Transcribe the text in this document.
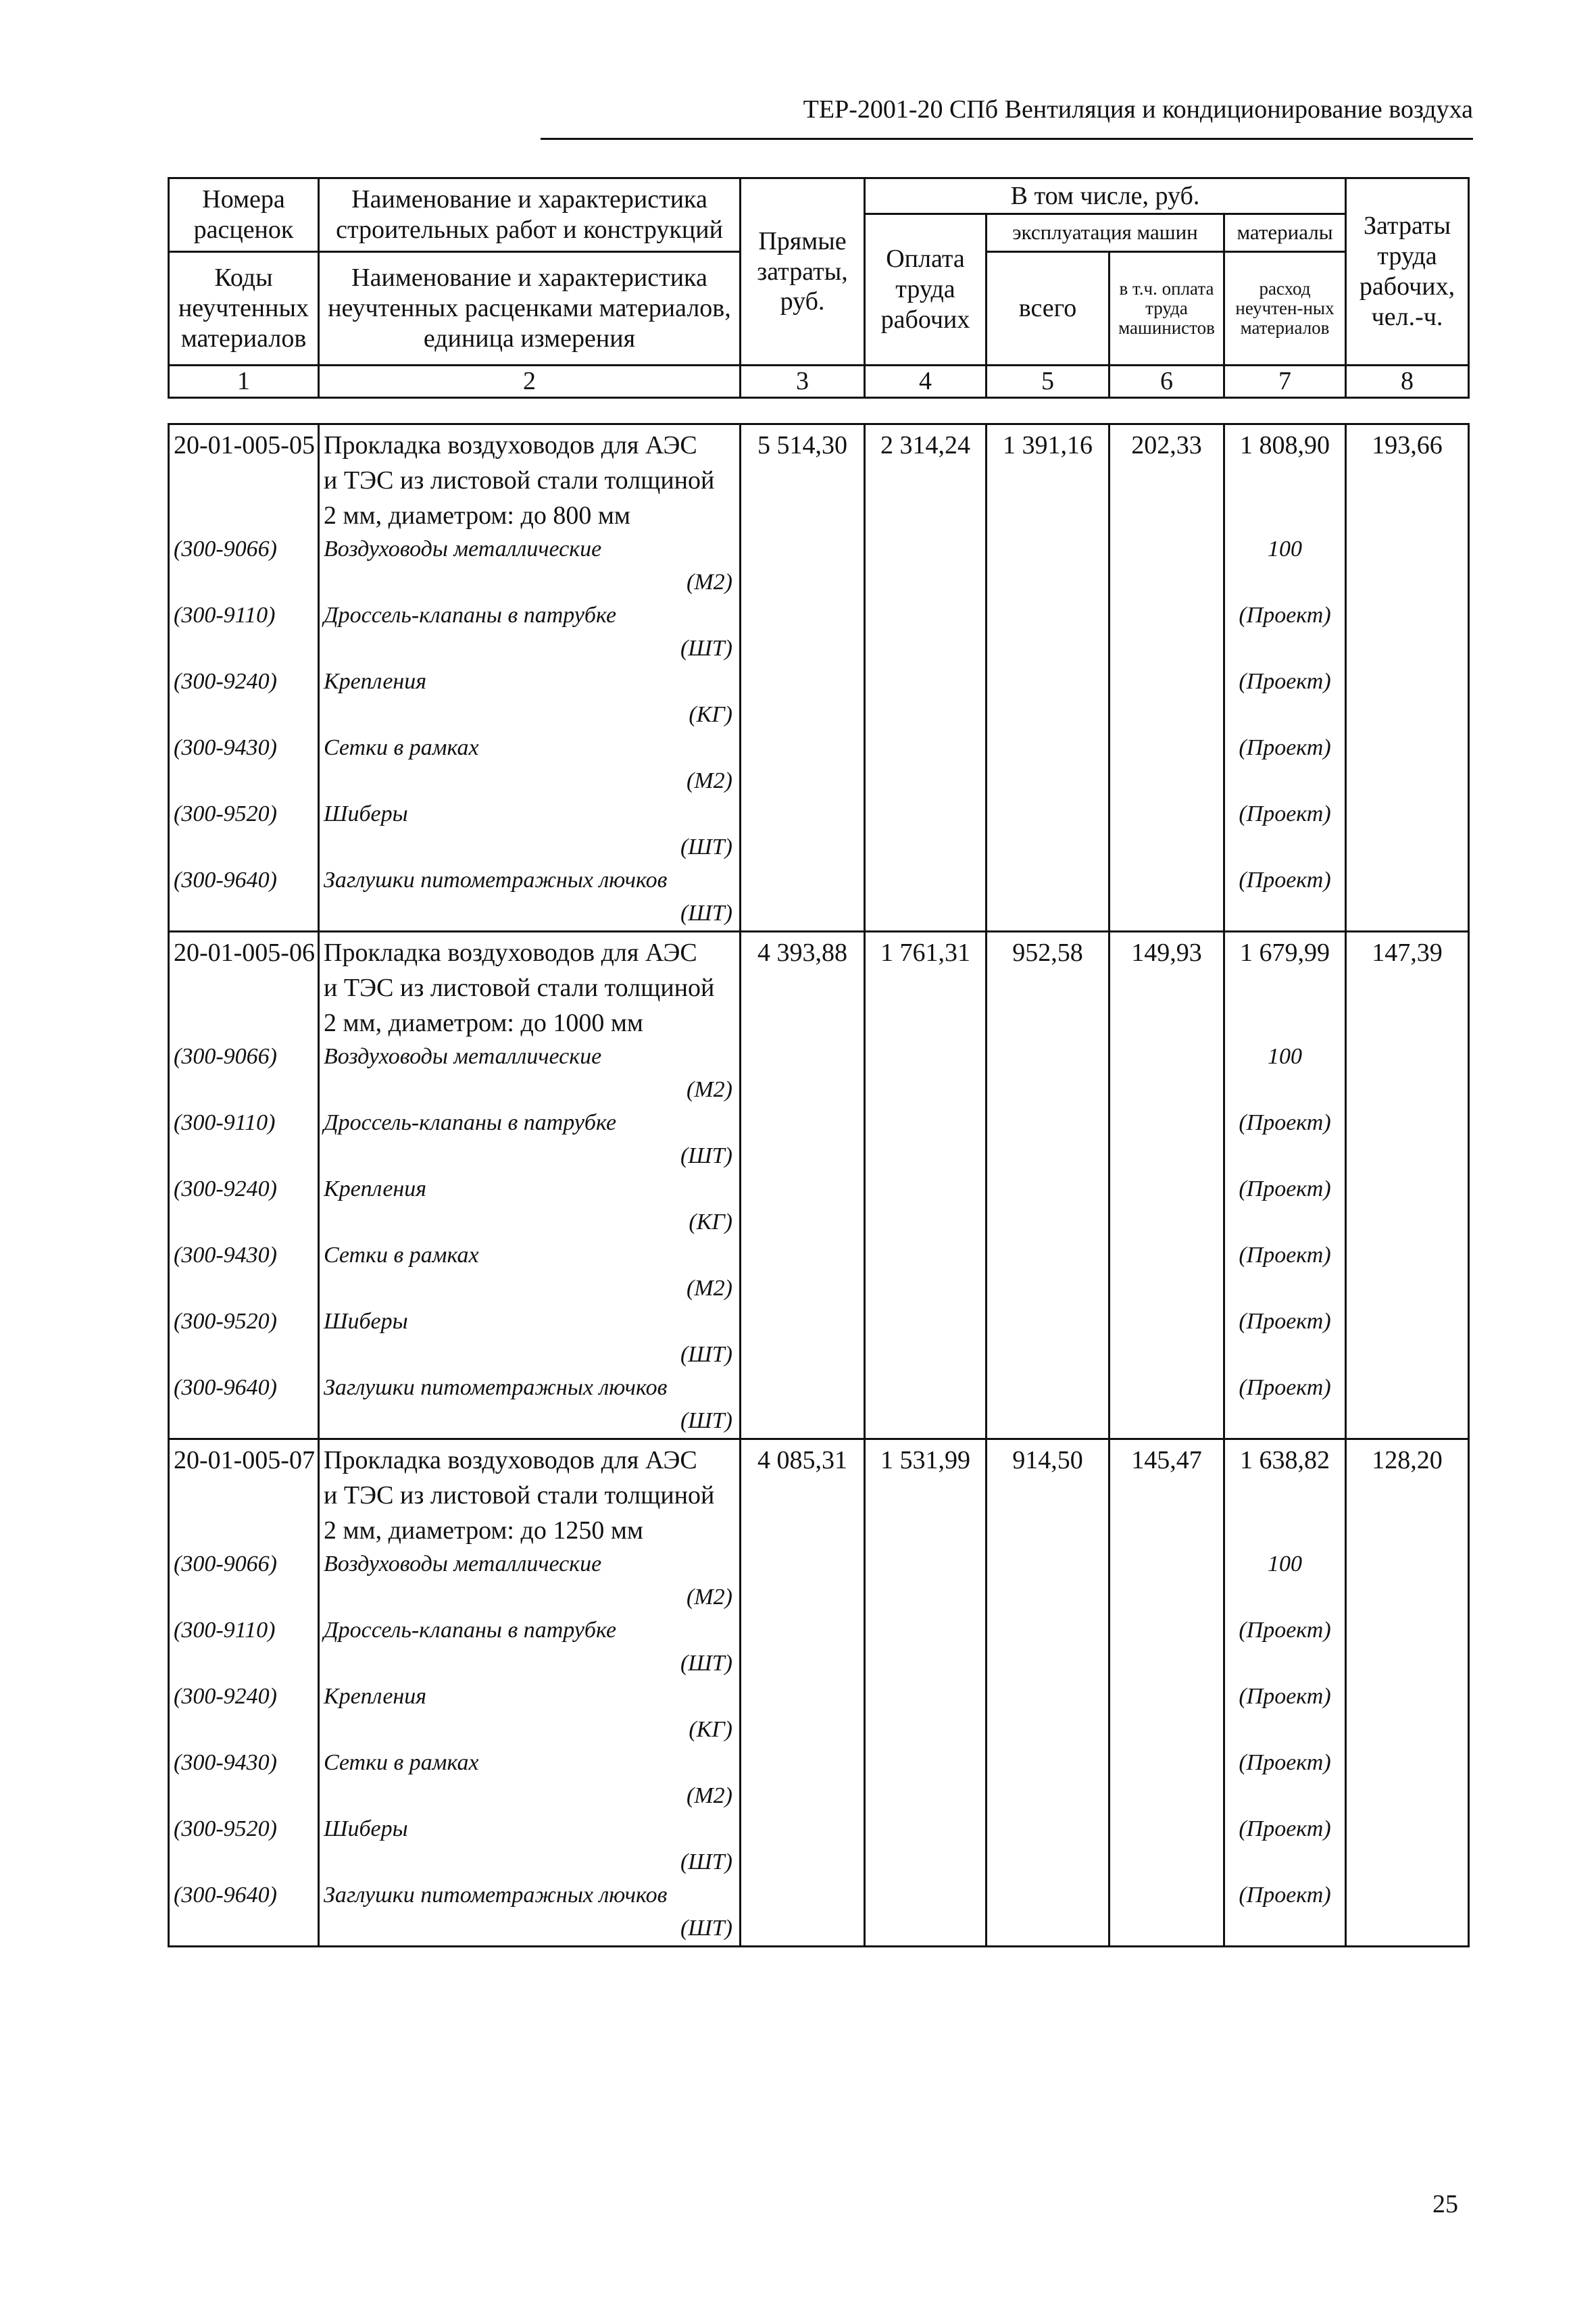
ТЕР-2001-20 СПб Вентиляция и кондиционирование воздуха
Номера расценок	Наименование и характеристика строительных работ и конструкций	Прямые затраты, руб.	В том числе, руб.				Затраты труда рабочих, чел.-ч.
			Оплата труда рабочих	эксплуатация машин		материалы	
Коды неучтенных материалов	Наименование и характеристика неучтенных расценками материалов, единица измерения			всего	в т.ч. оплата труда машинистов	расход неучтен-ных материалов	

1	2	3	4	5	6	7	8
20-01-005-05	Прокладка воздуховодов для АЭС	5 514,30	2 314,24	1 391,16	202,33	1 808,90	193,66
	и ТЭС из листовой стали толщиной						
	2 мм, диаметром: до 800 мм						
(300-9066)	Воздуховоды металлические					100	
	(М2)						
(300-9110)	Дроссель-клапаны в патрубке					(Проект)	
	(ШТ)						
(300-9240)	Крепления					(Проект)	
	(КГ)						
(300-9430)	Сетки в рамках					(Проект)	
	(М2)						
(300-9520)	Шиберы					(Проект)	
	(ШТ)						
(300-9640)	Заглушки питометражных лючков					(Проект)	
	(ШТ)						
20-01-005-06	Прокладка воздуховодов для АЭС	4 393,88	1 761,31	952,58	149,93	1 679,99	147,39
	и ТЭС из листовой стали толщиной						
	2 мм, диаметром: до 1000 мм						
(300-9066)	Воздуховоды металлические					100	
	(М2)						
(300-9110)	Дроссель-клапаны в патрубке					(Проект)	
	(ШТ)						
(300-9240)	Крепления					(Проект)	
	(КГ)						
(300-9430)	Сетки в рамках					(Проект)	
	(М2)						
(300-9520)	Шиберы					(Проект)	
	(ШТ)						
(300-9640)	Заглушки питометражных лючков					(Проект)	
	(ШТ)						
20-01-005-07	Прокладка воздуховодов для АЭС	4 085,31	1 531,99	914,50	145,47	1 638,82	128,20
	и ТЭС из листовой стали толщиной						
	2 мм, диаметром: до 1250 мм						
(300-9066)	Воздуховоды металлические					100	
	(М2)						
(300-9110)	Дроссель-клапаны в патрубке					(Проект)	
	(ШТ)						
(300-9240)	Крепления					(Проект)	
	(КГ)						
(300-9430)	Сетки в рамках					(Проект)	
	(М2)						
(300-9520)	Шиберы					(Проект)	
	(ШТ)						
(300-9640)	Заглушки питометражных лючков					(Проект)	
	(ШТ)						
25
